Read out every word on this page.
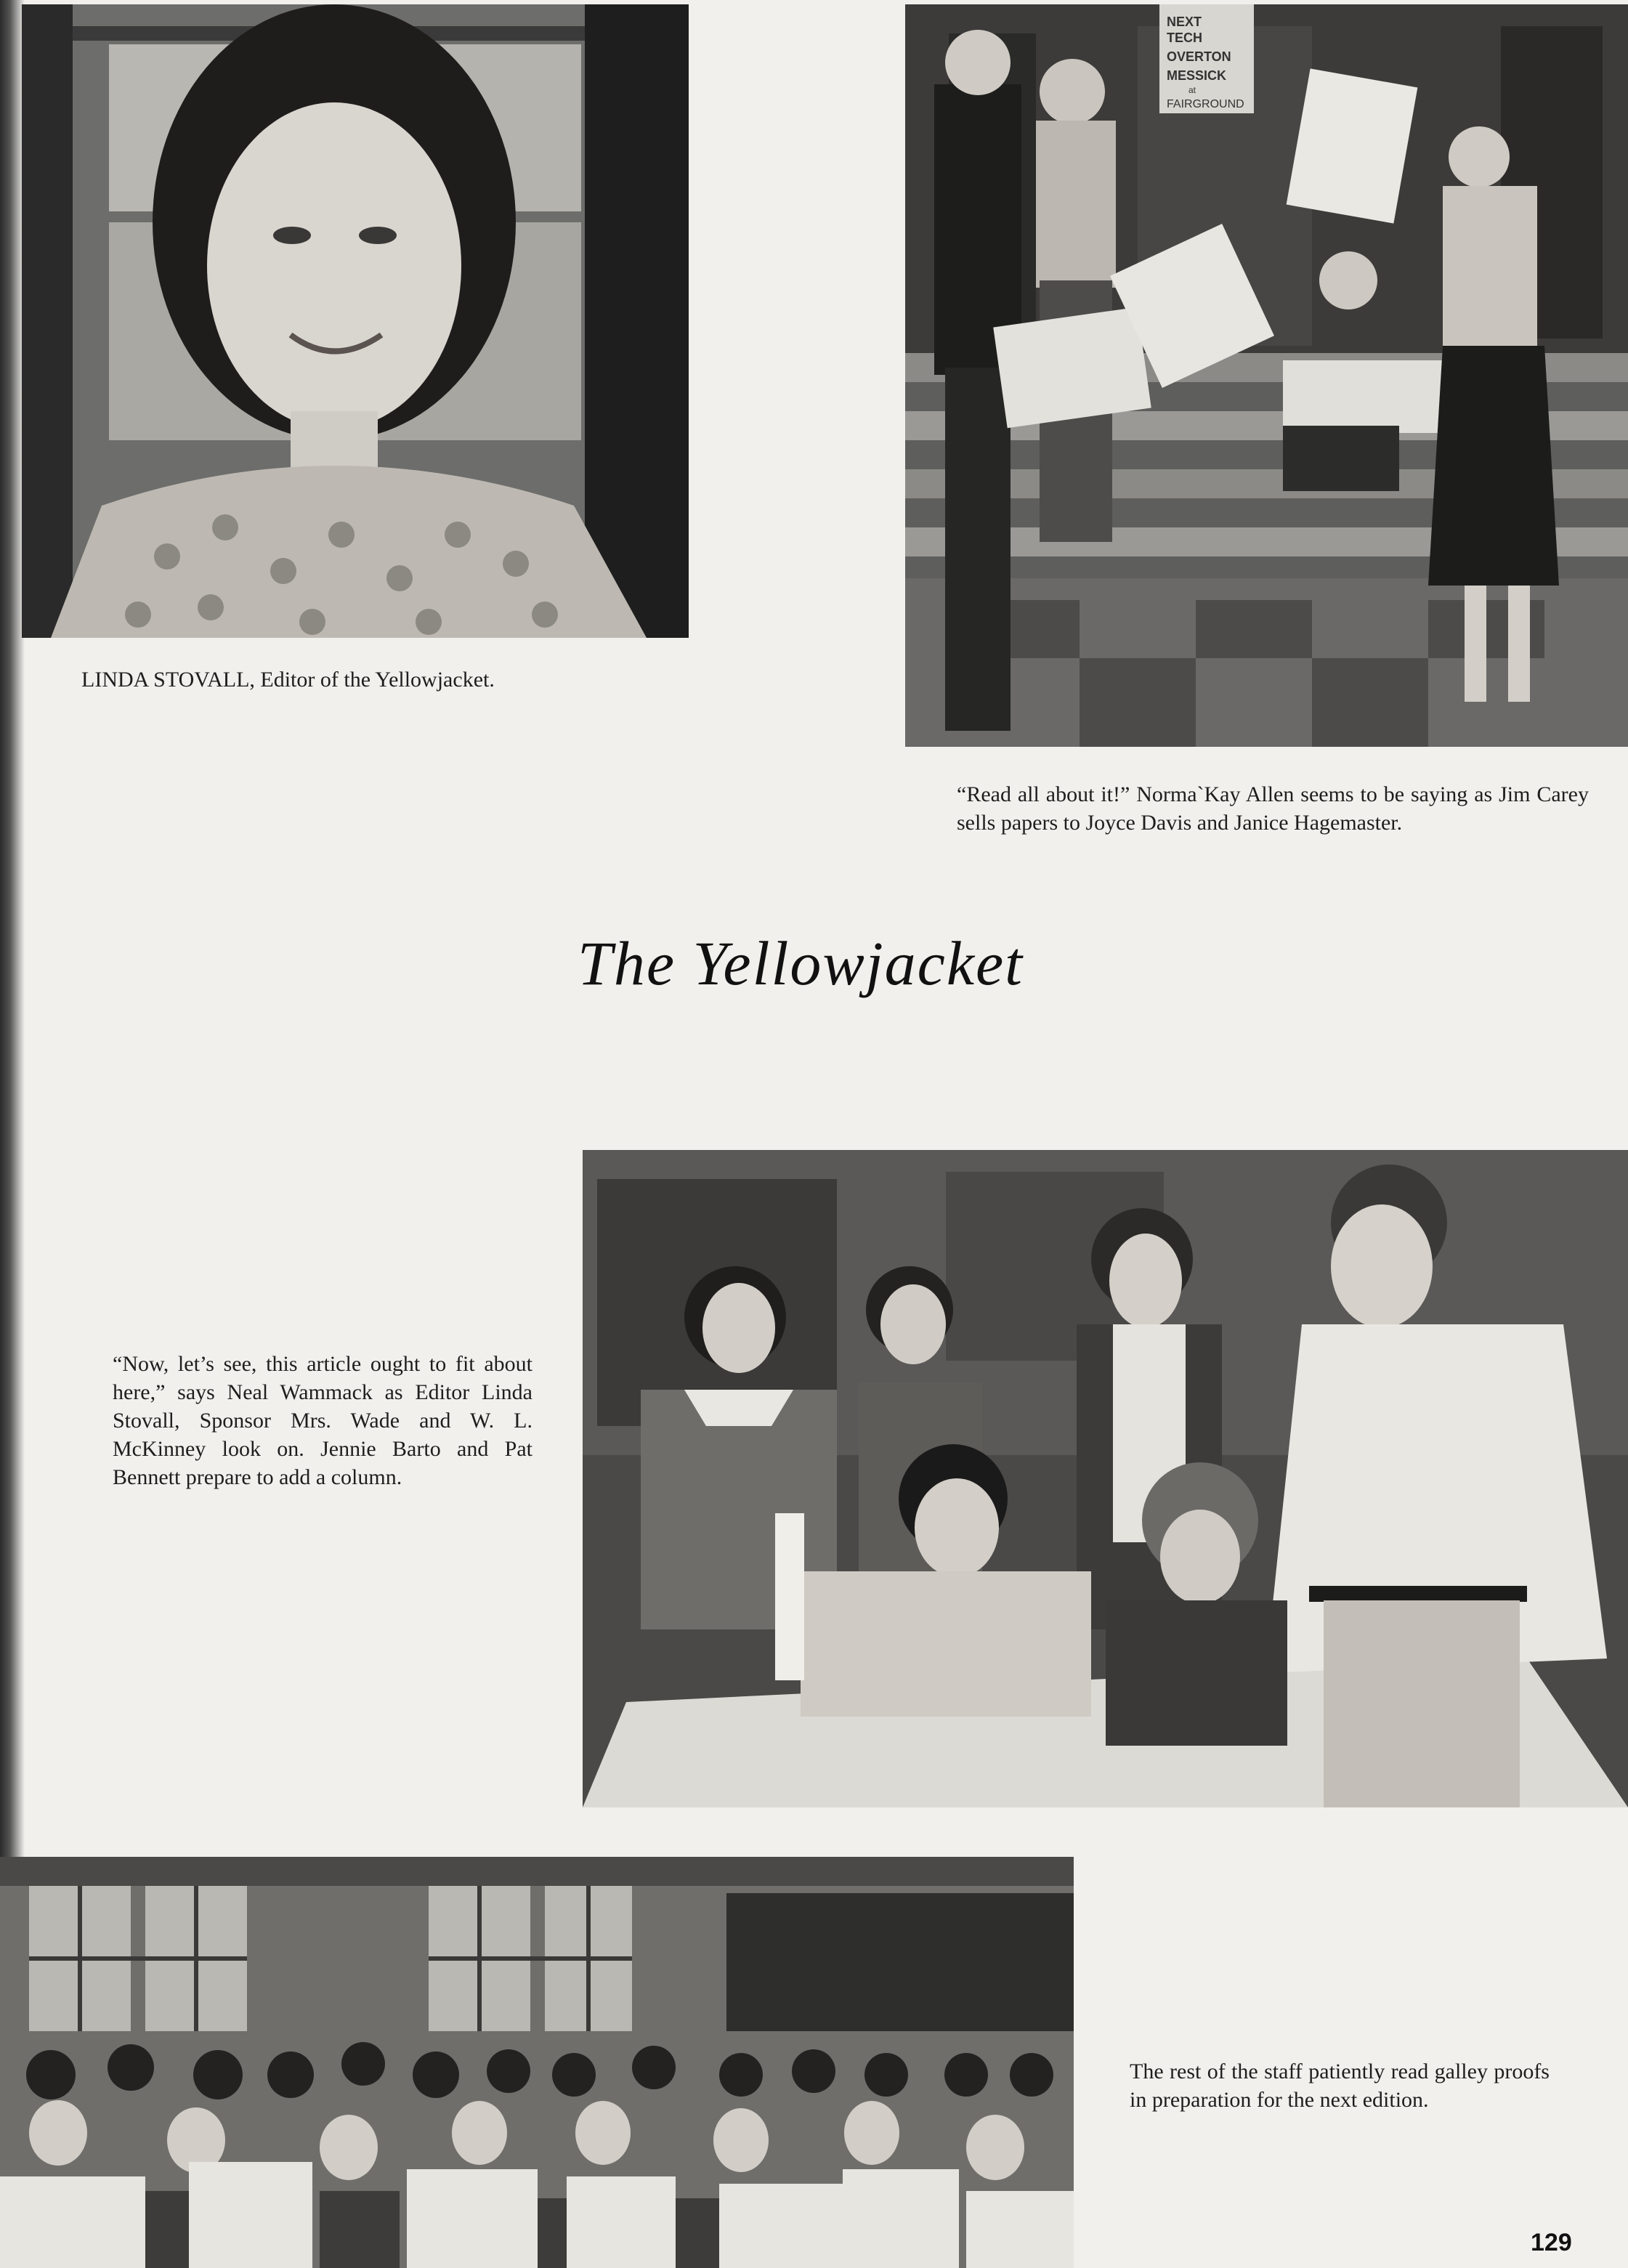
LINDA STOVALL, Editor of the Yellowjacket.
NEXT
TECH
OVERTON
MESSICK
at
FAIRGROUND
“Read all about it!” Norma`Kay Allen seems to be saying as Jim Carey sells papers to Joyce Davis and Janice Hagemaster.
The Yellowjacket
“Now, let’s see, this article ought to fit about here,” says Neal Wammack as Editor Linda Stovall, Sponsor Mrs. Wade and W. L. McKinney look on. Jennie Barto and Pat Bennett prepare to add a column.
The rest of the staff patiently read galley proofs in preparation for the next edition.
129
